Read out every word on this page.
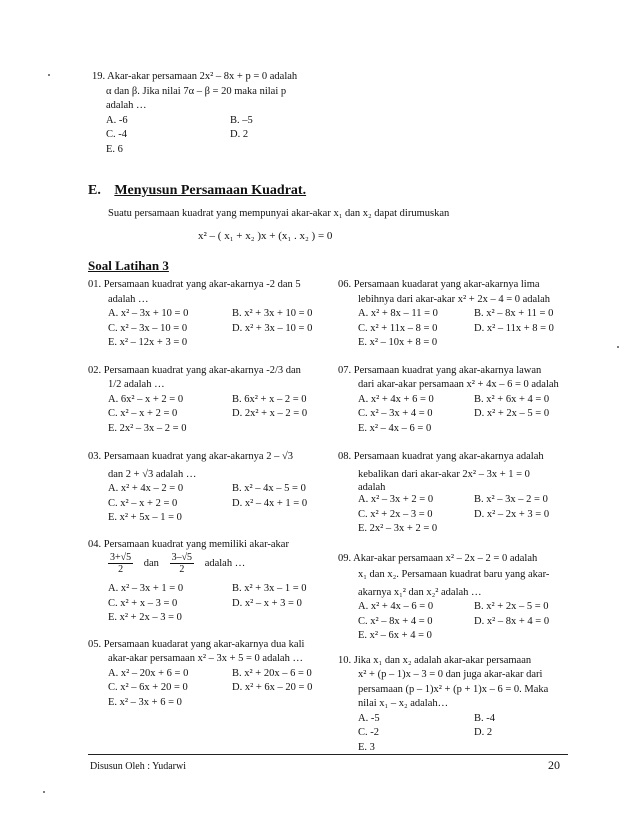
19. Akar-akar persamaan 2x² – 8x + p = 0 adalah
α dan β. Jika nilai 7α – β = 20 maka nilai p
adalah …
A. -6	B. –5
C. -4	D. 2
E. 6
E. Menyusun Persamaan Kuadrat.
Suatu persamaan kuadrat yang mempunyai akar-akar x₁ dan x₂ dapat dirumuskan
x² – ( x₁ + x₂ )x + (x₁ . x₂ ) = 0
Soal Latihan 3
01. Persamaan kuadrat yang akar-akarnya -2 dan 5
adalah …
A. x² – 3x + 10 = 0	B. x² + 3x + 10 = 0
C. x² – 3x – 10 = 0	D. x² + 3x – 10 = 0
E. x² – 12x + 3 = 0
02. Persamaan kuadrat yang akar-akarnya -2/3 dan
1/2 adalah …
A. 6x² – x + 2 = 0	B. 6x² + x – 2 = 0
C. x² – x + 2 = 0	D. 2x² + x – 2 = 0
E. 2x² – 3x – 2 = 0
03. Persamaan kuadrat yang akar-akarnya 2 – √3
dan 2 + √3 adalah …
A. x² + 4x – 2 = 0	B. x² – 4x – 5 = 0
C. x² – x + 2 = 0	D. x² – 4x + 1 = 0
E. x² + 5x – 1 = 0
04. Persamaan kuadrat yang memiliki akar-akar
$\frac{3+√5}{2}$ dan $\frac{3-√5}{2}$ adalah …
A. x² – 3x + 1 = 0	B. x² + 3x – 1 = 0
C. x² + x – 3 = 0	D. x² – x + 3 = 0
E. x² + 2x – 3 = 0
05. Persamaan kuadarat yang akar-akarnya dua kali
akar-akar persamaan x² – 3x + 5 = 0 adalah …
A. x² – 20x + 6 = 0	B. x² + 20x – 6 = 0
C. x² – 6x + 20 = 0	D. x² + 6x – 20 = 0
E. x² – 3x + 6 = 0
06. Persamaan kuadarat yang akar-akarnya lima
lebihnya dari akar-akar x² + 2x – 4 = 0 adalah
A. x² + 8x – 11 = 0	B. x² – 8x + 11 = 0
C. x² + 11x – 8 = 0	D. x² – 11x + 8 = 0
E. x² – 10x + 8 = 0
07. Persamaan kuadrat yang akar-akarnya lawan
dari akar-akar persamaan x² + 4x – 6 = 0 adalah
A. x² + 4x + 6 = 0	B. x² + 6x + 4 = 0
C. x² – 3x + 4 = 0	D. x² + 2x – 5 = 0
E. x² – 4x – 6 = 0
08. Persamaan kuadrat yang akar-akarnya adalah
kebalikan dari akar-akar 2x² – 3x + 1 = 0
adalah
A. x² – 3x + 2 = 0	B. x² – 3x – 2 = 0
C. x² + 2x – 3 = 0	D. x² – 2x + 3 = 0
E. 2x² – 3x + 2 = 0
09. Akar-akar persamaan x² – 2x – 2 = 0 adalah
x₁ dan x₂. Persamaan kuadrat baru yang akar-
akarnya x₁² dan x₂² adalah …
A. x² + 4x – 6 = 0	B. x² + 2x – 5 = 0
C. x² – 8x + 4 = 0	D. x² – 8x + 4 = 0
E. x² – 6x + 4 = 0
10. Jika x₁ dan x₂ adalah akar-akar persamaan
x² + (p – 1)x – 3 = 0 dan juga akar-akar dari
persamaan (p – 1)x² + (p + 1)x – 6 = 0. Maka
nilai x₁ – x₂ adalah…
A. -5	B. -4
C. -2	D. 2
E. 3
Disusun Oleh : Yudarwi	20
